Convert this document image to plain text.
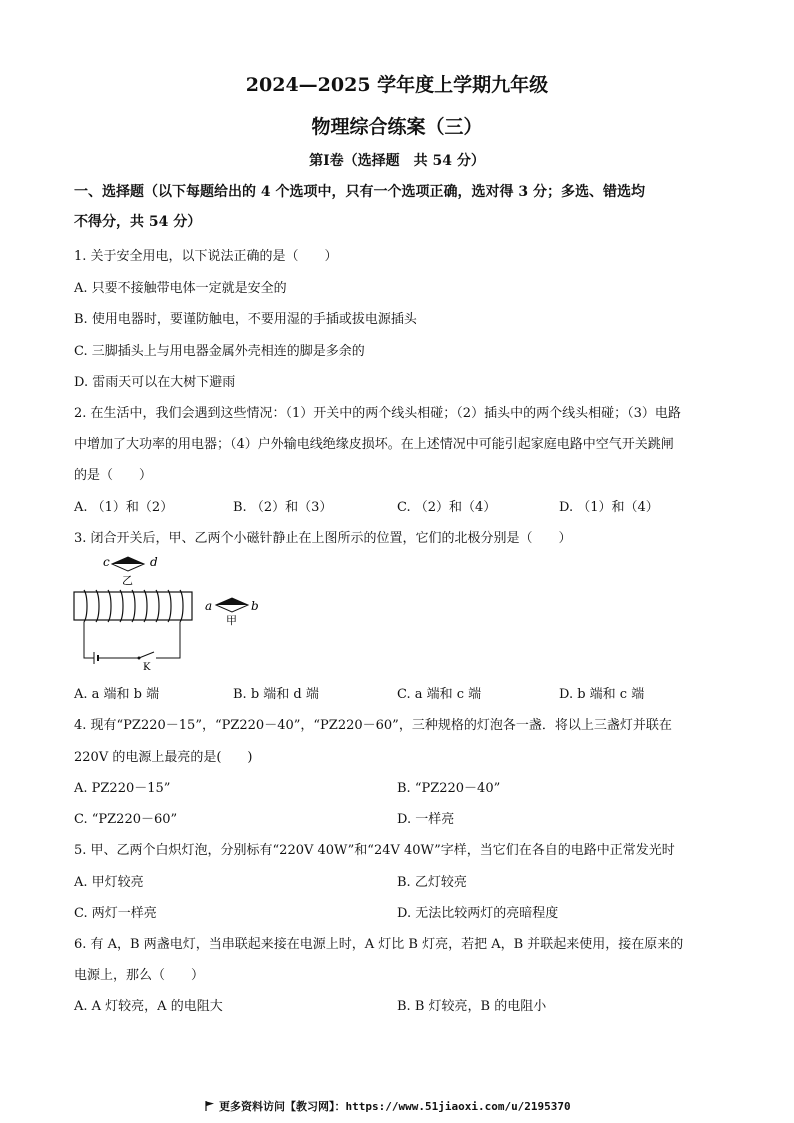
2024—2025 学年度上学期九年级
物理综合练案（三）
第Ⅰ卷（选择题　共 54 分）
一、选择题（以下每题给出的 4 个选项中，只有一个选项正确，选对得 3 分；多选、错选均
不得分，共 54 分）
1. 关于安全用电，以下说法正确的是（　　）
A. 只要不接触带电体一定就是安全的
B. 使用电器时，要谨防触电，不要用湿的手插或拔电源插头
C. 三脚插头上与用电器金属外壳相连的脚是多余的
D. 雷雨天可以在大树下避雨
2. 在生活中，我们会遇到这些情况：（1）开关中的两个线头相碰；（2）插头中的两个线头相碰；（3）电路
中增加了大功率的用电器；（4）户外输电线绝缘皮损坏。在上述情况中可能引起家庭电路中空气开关跳闸
的是（　　）
A. （1）和（2）	B. （2）和（3）	C. （2）和（4）	D. （1）和（4）
3. 闭合开关后，甲、乙两个小磁针静止在上图所示的位置，它们的北极分别是（　　）
c	d
乙
K
a	b
甲
A. a 端和 b 端	B. b 端和 d 端	C. a 端和 c 端	D. b 端和 c 端
4. 现有“PZ220－15”，“PZ220－40”，“PZ220－60”，三种规格的灯泡各一盏．将以上三盏灯并联在
220V 的电源上最亮的是(　　)
A. PZ220－15”	B. “PZ220－40”
C. “PZ220－60”	D. 一样亮
5. 甲、乙两个白炽灯泡，分别标有“220V 40W”和“24V 40W”字样，当它们在各自的电路中正常发光时
A. 甲灯较亮	B. 乙灯较亮
C. 两灯一样亮	D. 无法比较两灯的亮暗程度
6. 有 A，B 两盏电灯，当串联起来接在电源上时，A 灯比 B 灯亮，若把 A，B 并联起来使用，接在原来的
电源上，那么（　　）
A. A 灯较亮，A 的电阻大	B. B 灯较亮，B 的电阻小
更多资料访问【教习网】：https://www.51jiaoxi.com/u/2195370
